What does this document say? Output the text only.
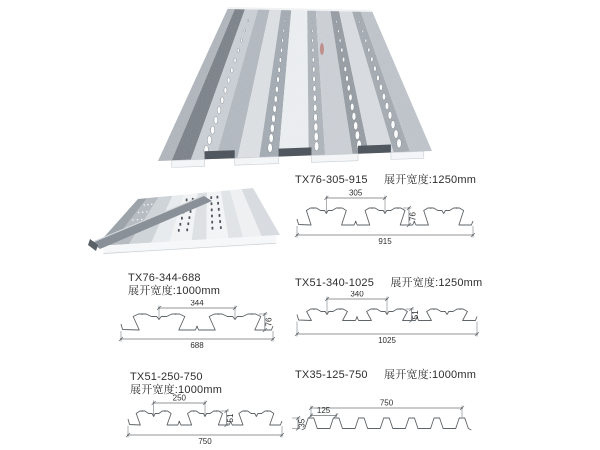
TX76-305-915 展开宽度:1250mm
305
915
76
TX76-344-688
展开宽度:1000mm
344
688
76
TX51-340-1025 展开宽度:1250mm
340
1025
51
TX51-250-750
展开宽度:1000mm
250
750
51
TX35-125-750 展开宽度:1000mm
750
125
35
